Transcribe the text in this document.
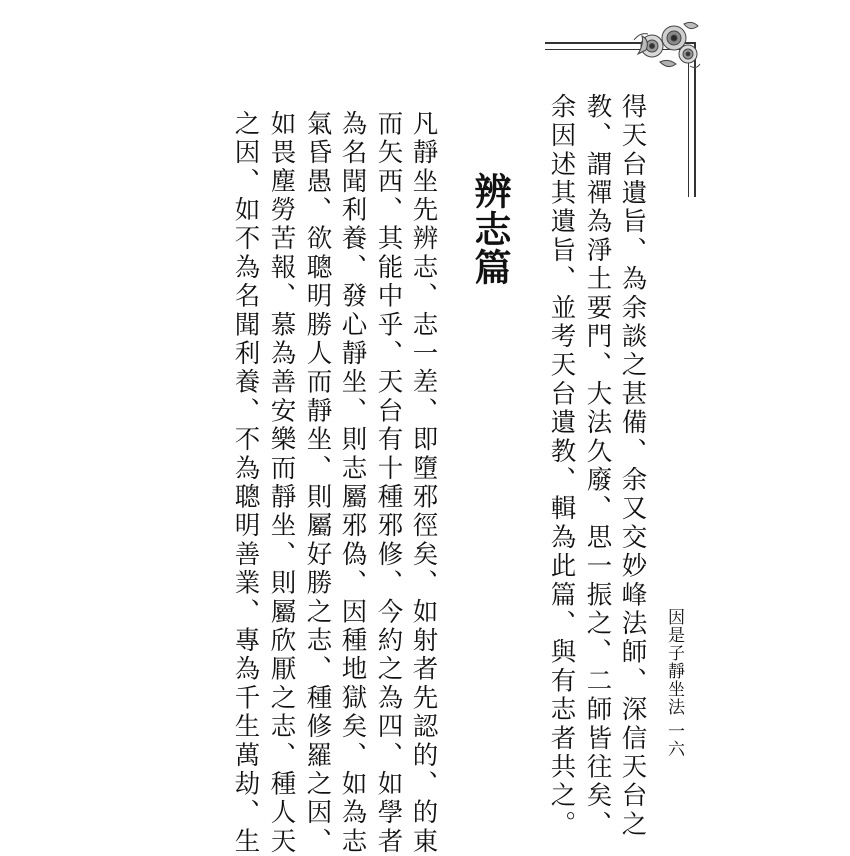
因是子靜坐法
一六
得天台遺旨、為余談之甚備、余又交妙峰法師、深信天台之
教、謂禪為淨土要門、大法久廢、思一振之、二師皆往矣、
余因述其遺旨、並考天台遺教、輯為此篇、與有志者共之。
辨志篇
凡靜坐先辨志、志一差、即墮邪徑矣、如射者先認的、的東
而矢西、其能中乎、天台有十種邪修、今約之為四、如學者
為名聞利養、發心靜坐、則志屬邪偽、因種地獄矣、如為志
氣昏愚、欲聰明勝人而靜坐、則屬好勝之志、種修羅之因、
如畏塵勞苦報、慕為善安樂而靜坐、則屬欣厭之志、種人天
之因、如不為名聞利養、不為聰明善業、專為千生萬劫、生
